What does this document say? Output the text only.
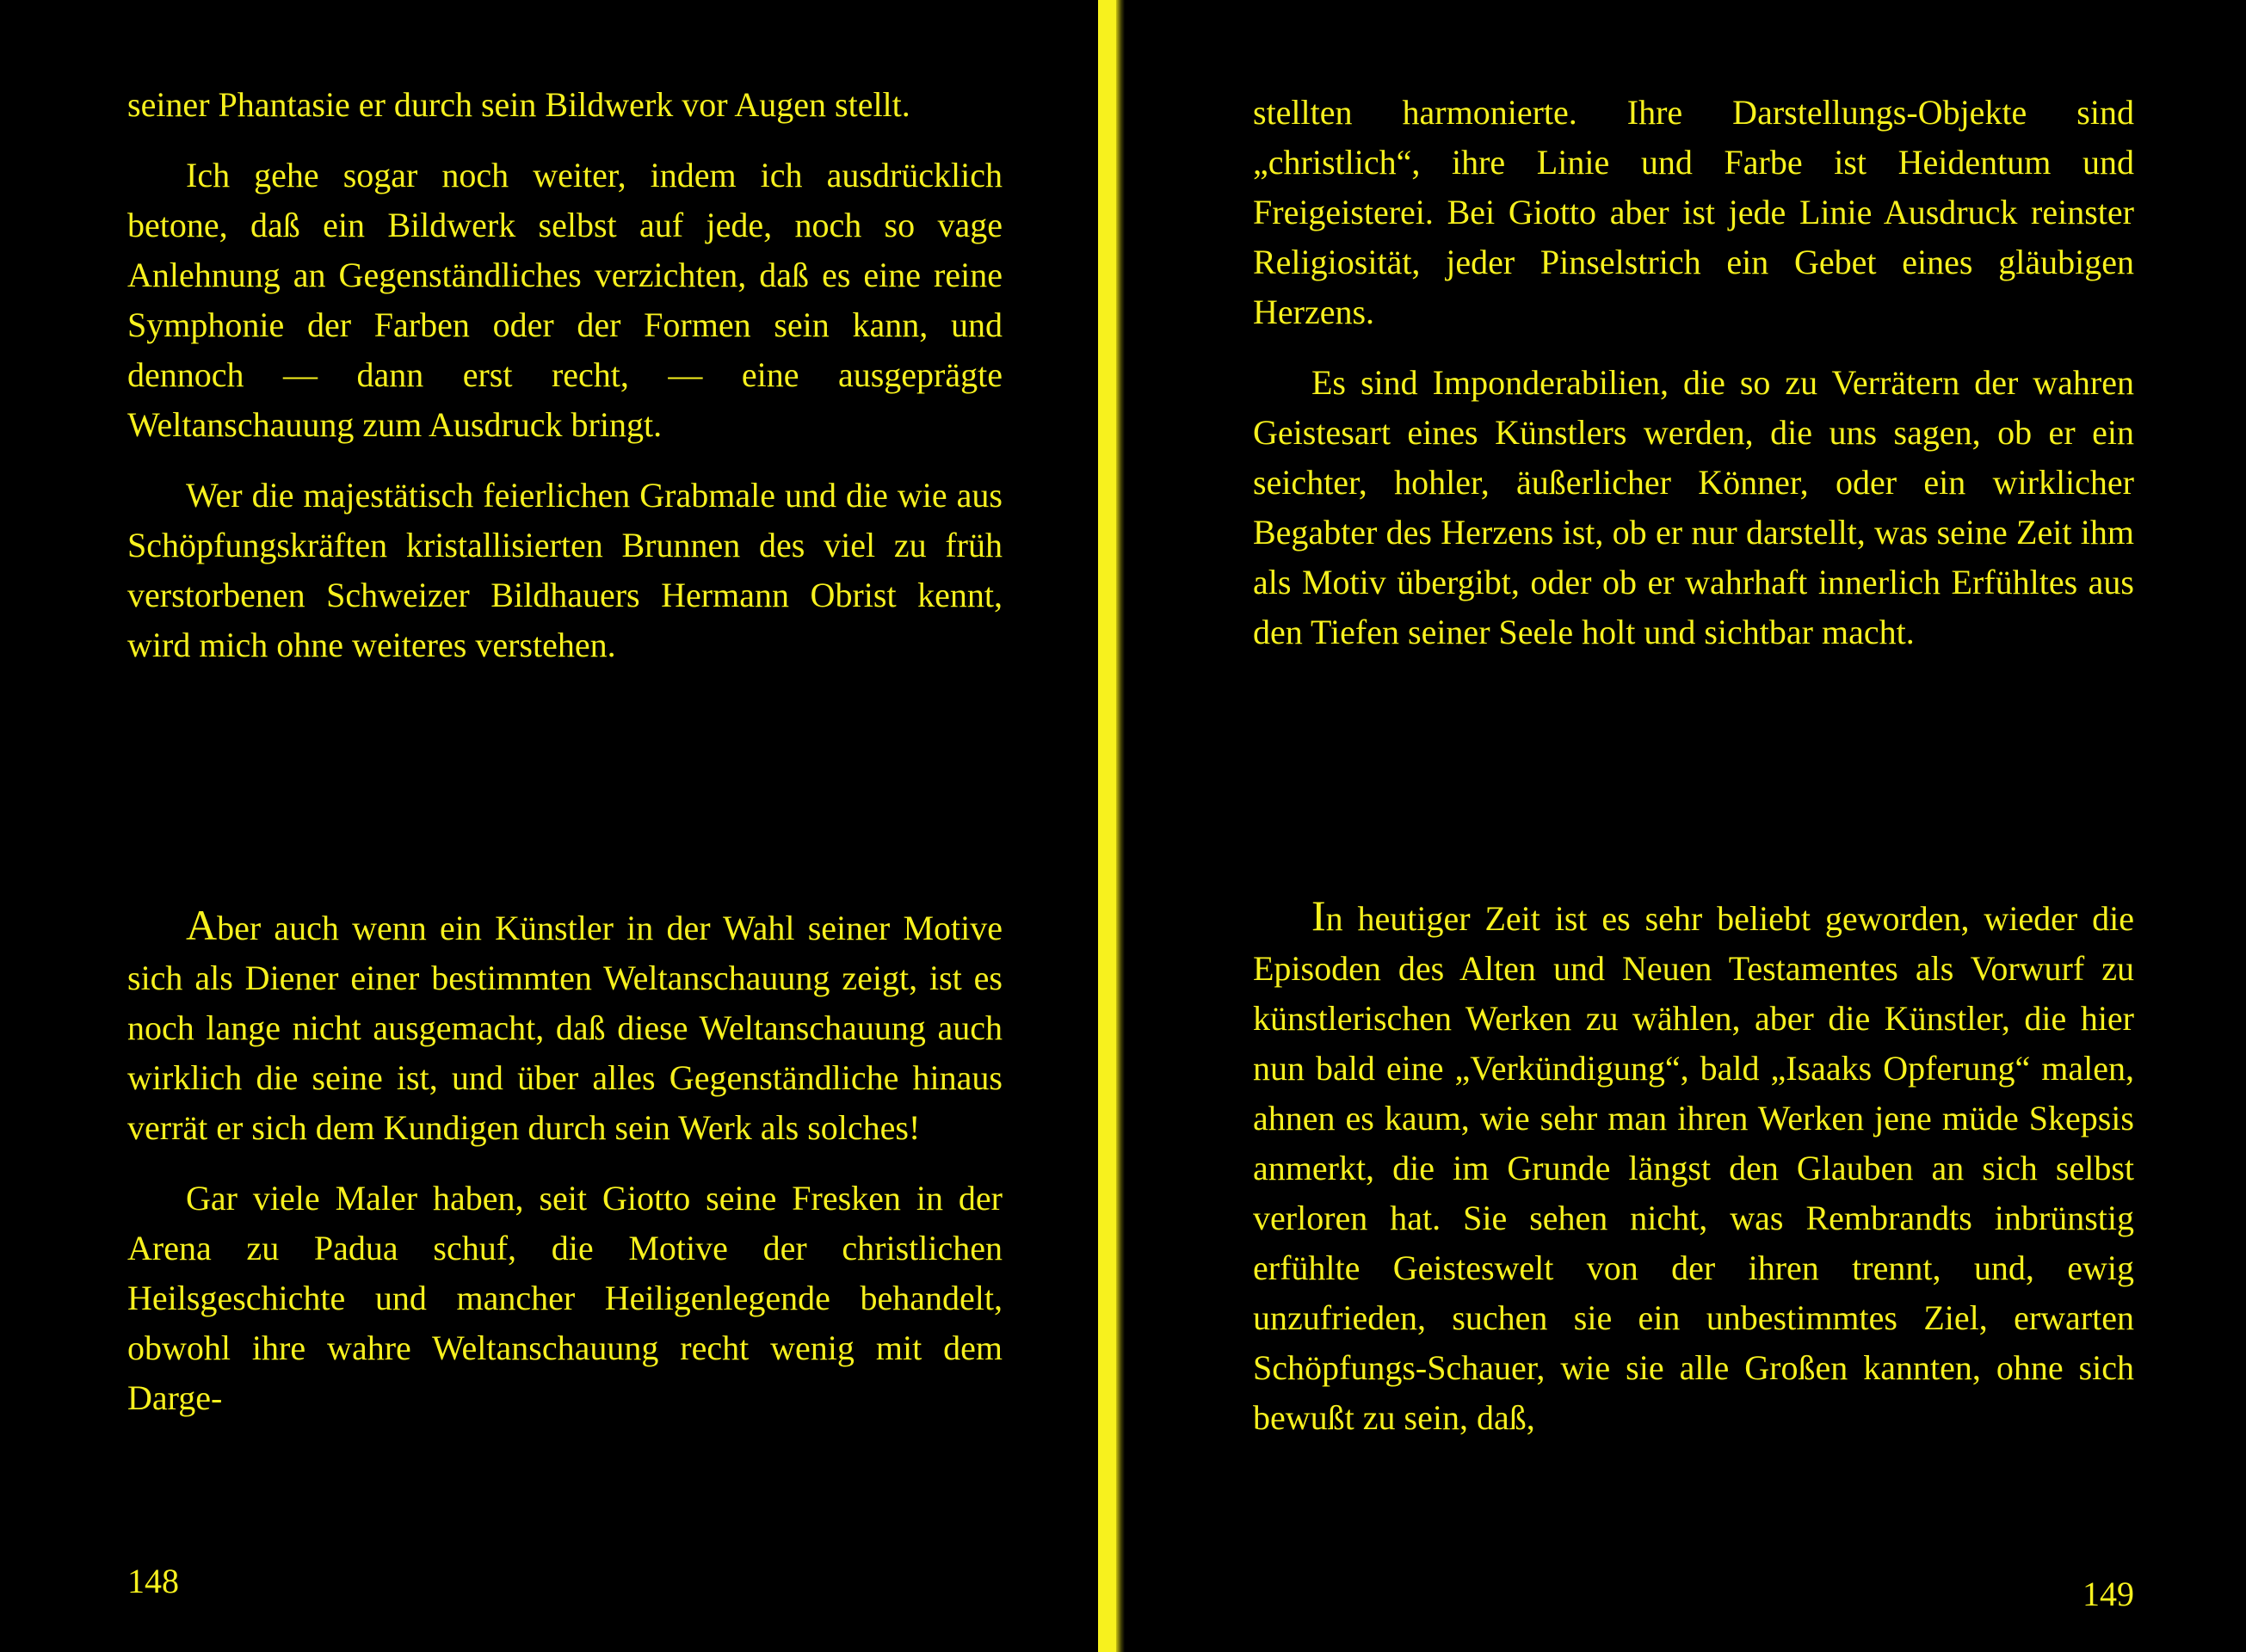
seiner Phantasie er durch sein Bildwerk vor Augen stellt.

Ich gehe sogar noch weiter, indem ich ausdrücklich betone, daß ein Bildwerk selbst auf jede, noch so vage Anlehnung an Gegenständliches verzichten, daß es eine reine Symphonie der Farben oder der Formen sein kann, und dennoch — dann erst recht, — eine ausgeprägte Weltanschauung zum Ausdruck bringt.

Wer die majestätisch feierlichen Grabmale und die wie aus Schöpfungskräften kristallisierten Brunnen des viel zu früh verstorbenen Schweizer Bildhauers Hermann Obrist kennt, wird mich ohne weiteres verstehen.

Aber auch wenn ein Künstler in der Wahl seiner Motive sich als Diener einer bestimmten Weltanschauung zeigt, ist es noch lange nicht ausgemacht, daß diese Weltanschauung auch wirklich die seine ist, und über alles Gegenständliche hinaus verrät er sich dem Kundigen durch sein Werk als solches!

Gar viele Maler haben, seit Giotto seine Fresken in der Arena zu Padua schuf, die Motive der christlichen Heilsgeschichte und mancher Heiligenlegende behandelt, obwohl ihre wahre Weltanschauung recht wenig mit dem Darge-

148

stellten harmonierte. Ihre Darstellungs-Objekte sind „christlich“, ihre Linie und Farbe ist Heidentum und Freigeisterei. Bei Giotto aber ist jede Linie Ausdruck reinster Religiosität, jeder Pinselstrich ein Gebet eines gläubigen Herzens.

Es sind Imponderabilien, die so zu Verrätern der wahren Geistesart eines Künstlers werden, die uns sagen, ob er ein seichter, hohler, äußerlicher Könner, oder ein wirklicher Begabter des Herzens ist, ob er nur darstellt, was seine Zeit ihm als Motiv übergibt, oder ob er wahrhaft innerlich Erfühltes aus den Tiefen seiner Seele holt und sichtbar macht.

In heutiger Zeit ist es sehr beliebt geworden, wieder die Episoden des Alten und Neuen Testamentes als Vorwurf zu künstlerischen Werken zu wählen, aber die Künstler, die hier nun bald eine „Verkündigung“, bald „Isaaks Opferung“ malen, ahnen es kaum, wie sehr man ihren Werken jene müde Skepsis anmerkt, die im Grunde längst den Glauben an sich selbst verloren hat. Sie sehen nicht, was Rembrandts inbrünstig erfühlte Geisteswelt von der ihren trennt, und, ewig unzufrieden, suchen sie ein unbestimmtes Ziel, erwarten Schöpfungs-Schauer, wie sie alle Großen kannten, ohne sich bewußt zu sein, daß,

149
